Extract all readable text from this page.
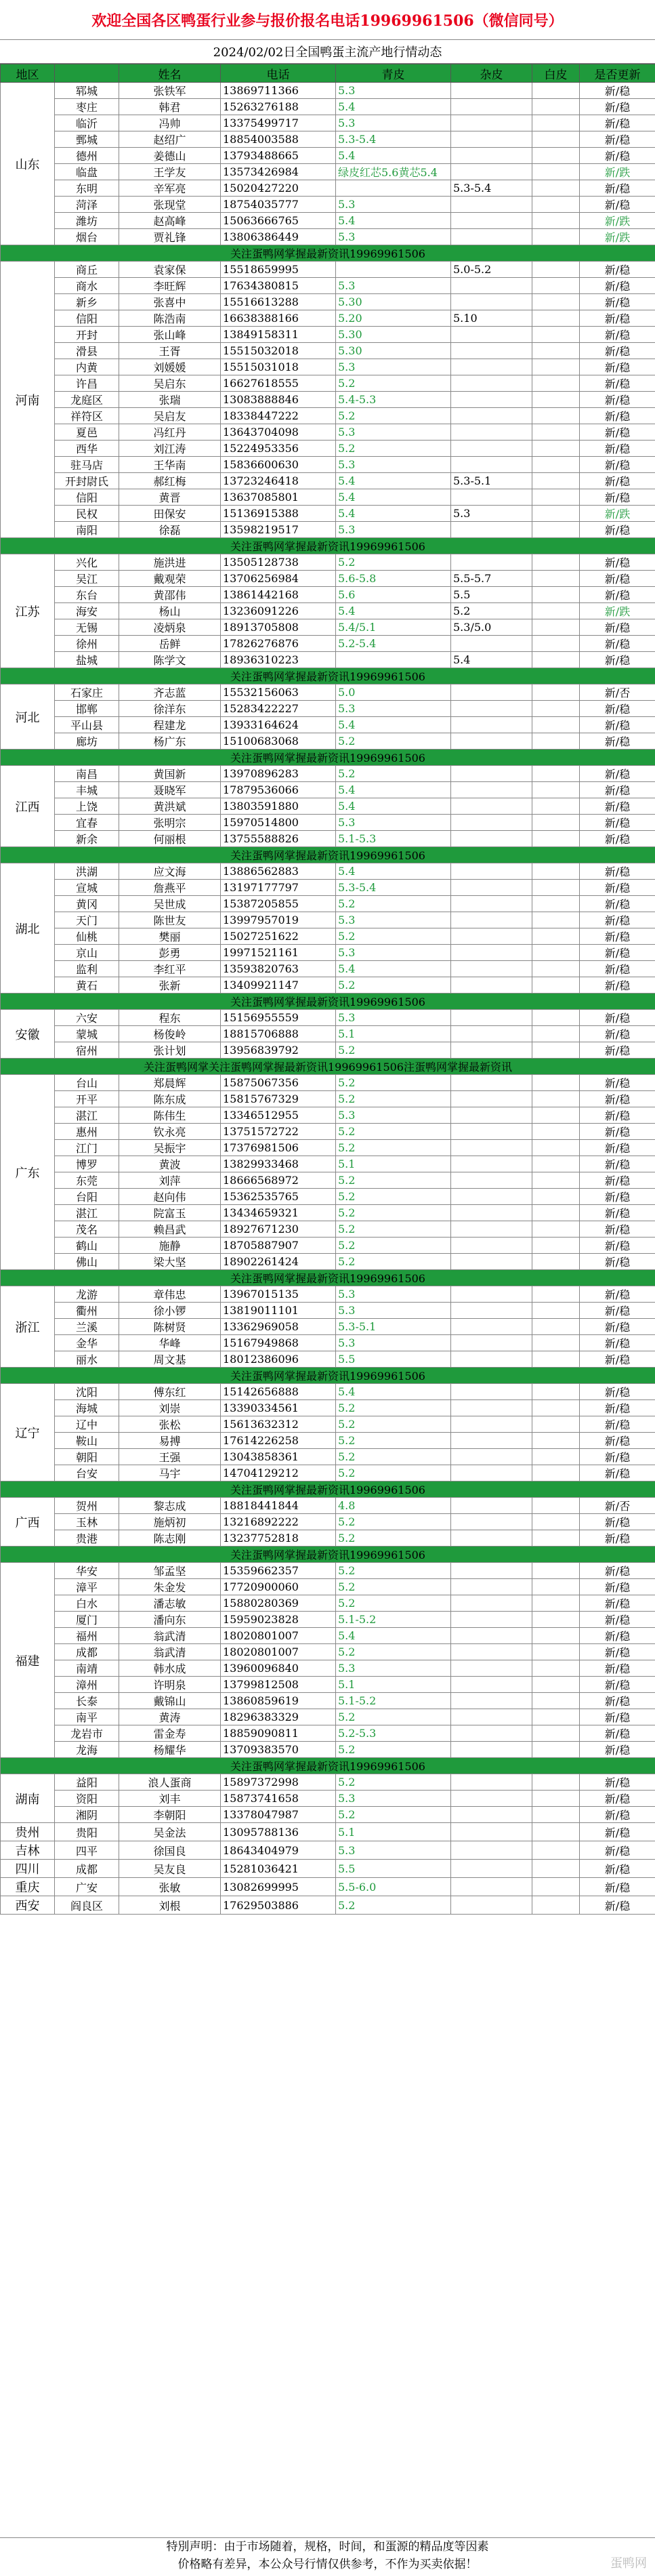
欢迎全国各区鸭蛋行业参与报价报名电话19969961506（微信同号）
2024/02/02日全国鸭蛋主流产地行情动态
地区		姓名	电话	青皮	杂皮	白皮	是否更新
山东	郓城	张铁军	13869711366	5.3			新/稳
	枣庄	韩君	15263276188	5.4			新/稳
	临沂	冯帅	13375499717	5.3			新/稳
	鄄城	赵绍广	18854003588	5.3-5.4			新/稳
	德州	姜德山	13793488665	5.4			新/稳
	临盘	王学友	13573426984	绿皮红芯5.6黄芯5.4			新/跌
	东明	辛军亮	15020427220		5.3-5.4		新/稳
	菏泽	张现堂	18754035777	5.3			新/稳
	潍坊	赵高峰	15063666765	5.4			新/跌
	烟台	贾礼锋	13806386449	5.3			新/跌
关注蛋鸭网掌握最新资讯19969961506							
河南	商丘	袁家保	15518659995		5.0-5.2		新/稳
	商水	李旺辉	17634380815	5.3			新/稳
	新乡	张喜中	15516613288	5.30			新/稳
	信阳	陈浩南	16638388166	5.20	5.10		新/稳
	开封	张山峰	13849158311	5.30			新/稳
	滑县	王胥	15515032018	5.30			新/稳
	内黄	刘媛媛	15515031018	5.3			新/稳
	许昌	吴启东	16627618555	5.2			新/稳
	龙庭区	张瑞	13083888846	5.4-5.3			新/稳
	祥符区	吴启友	18338447222	5.2			新/稳
	夏邑	冯红丹	13643704098	5.3			新/稳
	西华	刘江涛	15224953356	5.2			新/稳
	驻马店	王华南	15836600630	5.3			新/稳
	开封尉氏	郝红梅	13723246418	5.4	5.3-5.1		新/稳
	信阳	黄晋	13637085801	5.4			新/稳
	民权	田保安	15136915388	5.4	5.3		新/跌
	南阳	徐磊	13598219517	5.3			新/稳
关注蛋鸭网掌握最新资讯19969961506							
江苏	兴化	施洪进	13505128738	5.2			新/稳
	吴江	戴观荣	13706256984	5.6-5.8	5.5-5.7		新/稳
	东台	黄邵伟	13861442168	5.6	5.5		新/稳
	海安	杨山	13236091226	5.4	5.2		新/跌
	无锡	凌炳泉	18913705808	5.4/5.1	5.3/5.0		新/稳
	徐州	岳鲜	17826276876	5.2-5.4			新/稳
	盐城	陈学文	18936310223		5.4		新/稳
关注蛋鸭网掌握最新资讯19969961506							
河北	石家庄	齐志蓝	15532156063	5.0			新/否
	邯郸	徐洋东	15283422227	5.3			新/稳
	平山县	程建龙	13933164624	5.4			新/稳
	廊坊	杨广东	15100683068	5.2			新/稳
关注蛋鸭网掌握最新资讯19969961506							
江西	南昌	黄国新	13970896283	5.2			新/稳
	丰城	聂晓军	17879536066	5.4			新/稳
	上饶	黄洪斌	13803591880	5.4			新/稳
	宜春	张明宗	15970514800	5.3			新/稳
	新余	何丽根	13755588826	5.1-5.3			新/稳
关注蛋鸭网掌握最新资讯19969961506							
湖北	洪湖	应文海	13886562883	5.4			新/稳
	宣城	詹燕平	13197177797	5.3-5.4			新/稳
	黄冈	吴世成	15387205855	5.2			新/稳
	天门	陈世友	13997957019	5.3			新/稳
	仙桃	樊丽	15027251622	5.2			新/稳
	京山	彭勇	19971521161	5.3			新/稳
	监利	李红平	13593820763	5.4			新/稳
	黄石	张新	13409921147	5.2			新/稳
关注蛋鸭网掌握最新资讯19969961506							
安徽	六安	程东	15156955559	5.3			新/稳
	蒙城	杨俊岭	18815706888	5.1			新/稳
	宿州	张计划	13956839792	5.2			新/稳
关注蛋鸭网掌关注蛋鸭网掌握最新资讯19969961506注蛋鸭网掌握最新资讯							
广东	台山	郑晨辉	15875067356	5.2			新/稳
	开平	陈东成	15815767329	5.2			新/稳
	湛江	陈伟生	13346512955	5.3			新/稳
	惠州	钦永亮	13751572722	5.2			新/稳
	江门	吴振宇	17376981506	5.2			新/稳
	博罗	黄波	13829933468	5.1			新/稳
	东莞	刘萍	18666568972	5.2			新/稳
	台阳	赵向伟	15362535765	5.2			新/稳
	湛江	院富玉	13434659321	5.2			新/稳
	茂名	赖昌武	18927671230	5.2			新/稳
	鹤山	施静	18705887907	5.2			新/稳
	佛山	梁大坚	18902261424	5.2			新/稳
关注蛋鸭网掌握最新资讯19969961506							
浙江	龙游	章伟忠	13967015135	5.3			新/稳
	衢州	徐小锣	13819011101	5.3			新/稳
	兰溪	陈树贤	13362969058	5.3-5.1			新/稳
	金华	华峰	15167949868	5.3			新/稳
	丽水	周文基	18012386096	5.5			新/稳
关注蛋鸭网掌握最新资讯19969961506							
辽宁	沈阳	傅东红	15142656888	5.4			新/稳
	海城	刘崇	13390334561	5.2			新/稳
	辽中	张松	15613632312	5.2			新/稳
	鞍山	易搏	17614226258	5.2			新/稳
	朝阳	王强	13043858361	5.2			新/稳
	台安	马宇	14704129212	5.2			新/稳
关注蛋鸭网掌握最新资讯19969961506							
广西	贺州	黎志成	18818441844	4.8			新/否
	玉林	施炳初	13216892222	5.2			新/稳
	贵港	陈志刚	13237752818	5.2			新/稳
关注蛋鸭网掌握最新资讯19969961506							
福建	华安	邹孟坚	15359662357	5.2			新/稳
	漳平	朱金发	17720900060	5.2			新/稳
	白水	潘志敏	15880280369	5.2			新/稳
	厦门	潘向东	15959023828	5.1-5.2			新/稳
	福州	翁武清	18020801007	5.4			新/稳
	成都	翁武清	18020801007	5.2			新/稳
	南靖	韩水成	13960096840	5.3			新/稳
	漳州	许明泉	13799812508	5.1			新/稳
	长泰	戴锦山	13860859619	5.1-5.2			新/稳
	南平	黄涛	18296383329	5.2			新/稳
	龙岩市	雷金寿	18859090811	5.2-5.3			新/稳
	龙海	杨耀华	13709383570	5.2			新/稳
关注蛋鸭网掌握最新资讯19969961506							
湖南	益阳	浪人蛋商	15897372998	5.2			新/稳
	资阳	刘丰	15873741658	5.3			新/稳
	湘阴	李朝阳	13378047987	5.2			新/稳
贵州	贵阳	吴金法	13095788136	5.1			新/稳
吉林	四平	徐国良	18643404979	5.3			新/稳
四川	成都	吴友良	15281036421	5.5			新/稳
重庆	广安	张敏	13082699995	5.5-6.0			新/稳
西安	阎良区	刘根	17629503886	5.2			新/稳
特別声明：由于市场随着，规格，时间，和蛋源的精品度等因素
价格略有差异，本公众号行情仅供参考，不作为买卖依据！	蛋鸭网
